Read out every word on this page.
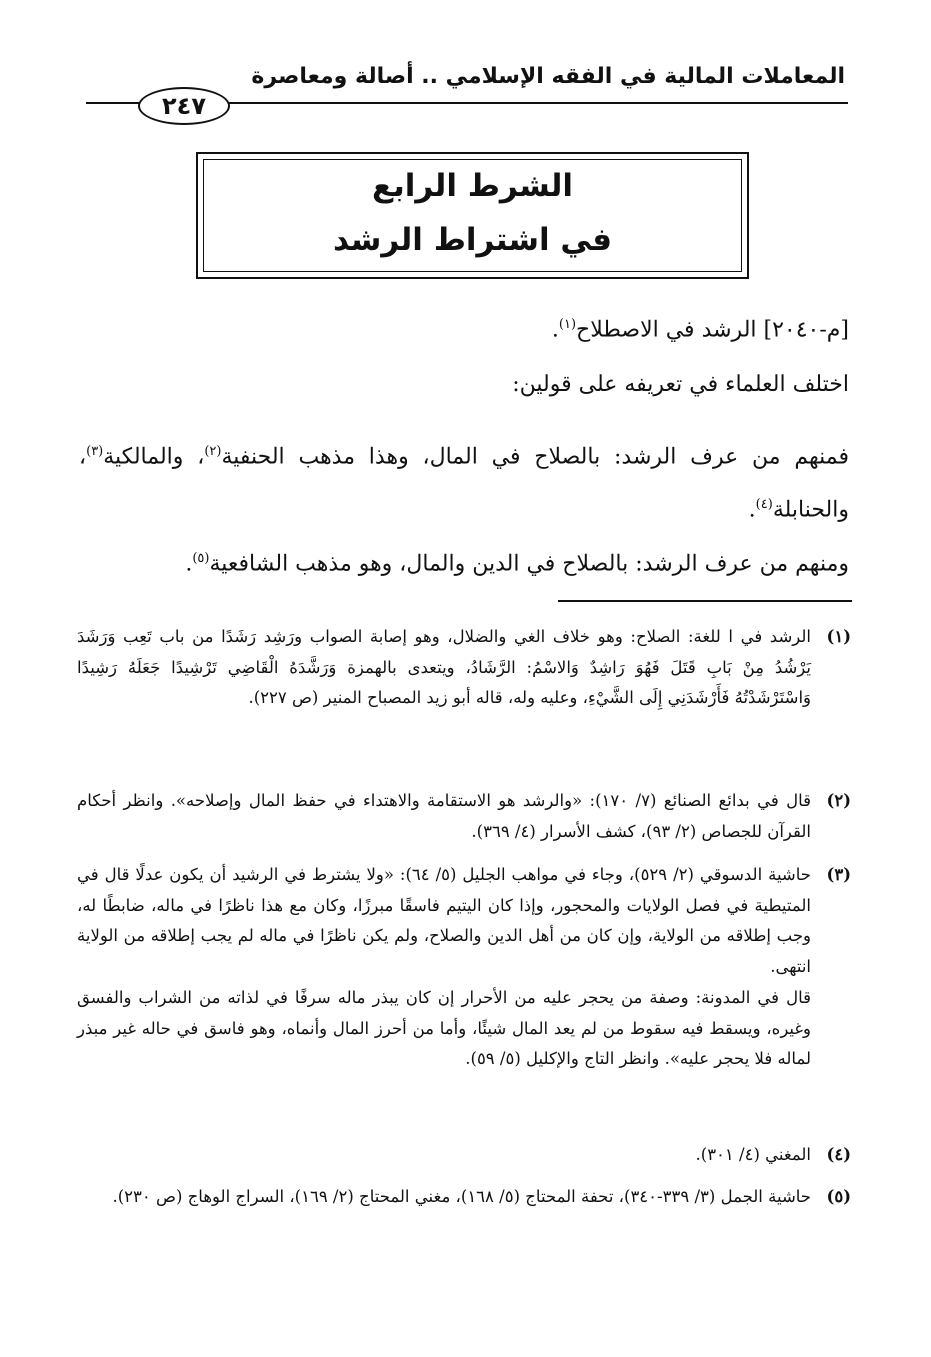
المعاملات المالية في الفقه الإسلامي .. أصالة ومعاصرة
٢٤٧
الشرط الرابع
في اشتراط الرشد
[م-٢٠٤٠] الرشد في الاصطلاح$^{(١)}$.
اختلف العلماء في تعريفه على قولين:
فمنهم من عرف الرشد: بالصلاح في المال، وهذا مذهب الحنفية$^{(٢)}$، والمالكية$^{(٣)}$، والحنابلة$^{(٤)}$.
ومنهم من عرف الرشد: بالصلاح في الدين والمال، وهو مذهب الشافعية$^{(٥)}$.
(١)
الرشد في ا للغة: الصلاح: وهو خلاف الغي والضلال، وهو إصابة الصواب ورَشِد رَشَدًا من باب تَعِب وَرَشَدَ يَرْشُدُ مِنْ بَابِ قَتَلَ فَهُوَ رَاشِدٌ وَالاسْمُ: الرَّشَادُ، ويتعدى بالهمزة وَرَشَّدَهُ الْقَاضِي تَرْشِيدًا جَعَلَهُ رَشِيدًا وَاسْتَرْشَدْتُهُ فَأَرْشَدَنِي إِلَى الشَّيْءِ، وعليه وله، قاله أبو زيد المصباح المنير (ص ٢٢٧).
(٢)
قال في بدائع الصنائع (٧/ ١٧٠): «والرشد هو الاستقامة والاهتداء في حفظ المال وإصلاحه». وانظر أحكام القرآن للجصاص (٢/ ٩٣)، كشف الأسرار (٤/ ٣٦٩).
(٣)
حاشية الدسوقي (٢/ ٥٢٩)، وجاء في مواهب الجليل (٥/ ٦٤): «ولا يشترط في الرشيد أن يكون عدلًا قال في المتيطية في فصل الولايات والمحجور، وإذا كان اليتيم فاسقًا مبرزًا، وكان مع هذا ناظرًا في ماله، ضابطًا له، وجب إطلاقه من الولاية، وإن كان من أهل الدين والصلاح، ولم يكن ناظرًا في ماله لم يجب إطلاقه من الولاية انتهى.
قال في المدونة: وصفة من يحجر عليه من الأحرار إن كان يبذر ماله سرفًا في لذاته من الشراب والفسق وغيره، ويسقط فيه سقوط من لم يعد المال شيئًا، وأما من أحرز المال وأنماه، وهو فاسق في حاله غير مبذر لماله فلا يحجر عليه». وانظر التاج والإكليل (٥/ ٥٩).
(٤)
المغني (٤/ ٣٠١).
(٥)
حاشية الجمل (٣/ ٣٣٩-٣٤٠)، تحفة المحتاج (٥/ ١٦٨)، مغني المحتاج (٢/ ١٦٩)، السراج الوهاج (ص ٢٣٠).
